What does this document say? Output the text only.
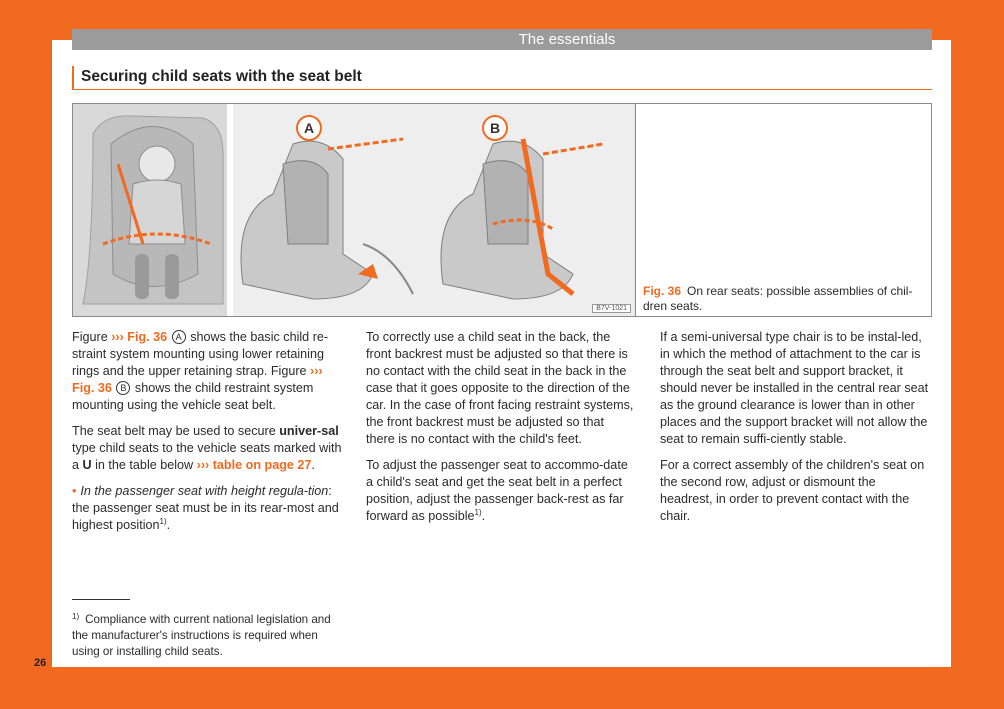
The essentials
Securing child seats with the seat belt
A	B
B7V-1021
Fig. 36 On rear seats: possible assemblies of chil-dren seats.

Figure ››› Fig. 36 A shows the basic child re-straint system mounting using lower retaining rings and the upper retaining strap. Figure ››› Fig. 36 B shows the child restraint system mounting using the vehicle seat belt.

The seat belt may be used to secure univer-sal type child seats to the vehicle seats marked with a U in the table below ››› table on page 27.

• In the passenger seat with height regula-tion: the passenger seat must be in its rear-most and highest position$^{1)}$.

To correctly use a child seat in the back, the front backrest must be adjusted so that there is no contact with the child seat in the back in the case that it goes opposite to the direction of the car. In the case of front facing restraint systems, the front backrest must be adjusted so that there is no contact with the child's feet.

To adjust the passenger seat to accommo-date a child's seat and get the seat belt in a perfect position, adjust the passenger back-rest as far forward as possible$^{1)}$.

If a semi-universal type chair is to be instal-led, in which the method of attachment to the car is through the seat belt and support bracket, it should never be installed in the central rear seat as the ground clearance is lower than in other places and the support bracket will not allow the seat to remain suffi-ciently stable.

For a correct assembly of the children's seat on the second row, adjust or dismount the headrest, in order to prevent contact with the chair.

$^{1)}$ Compliance with current national legislation and the manufacturer's instructions is required when using or installing child seats.
26
